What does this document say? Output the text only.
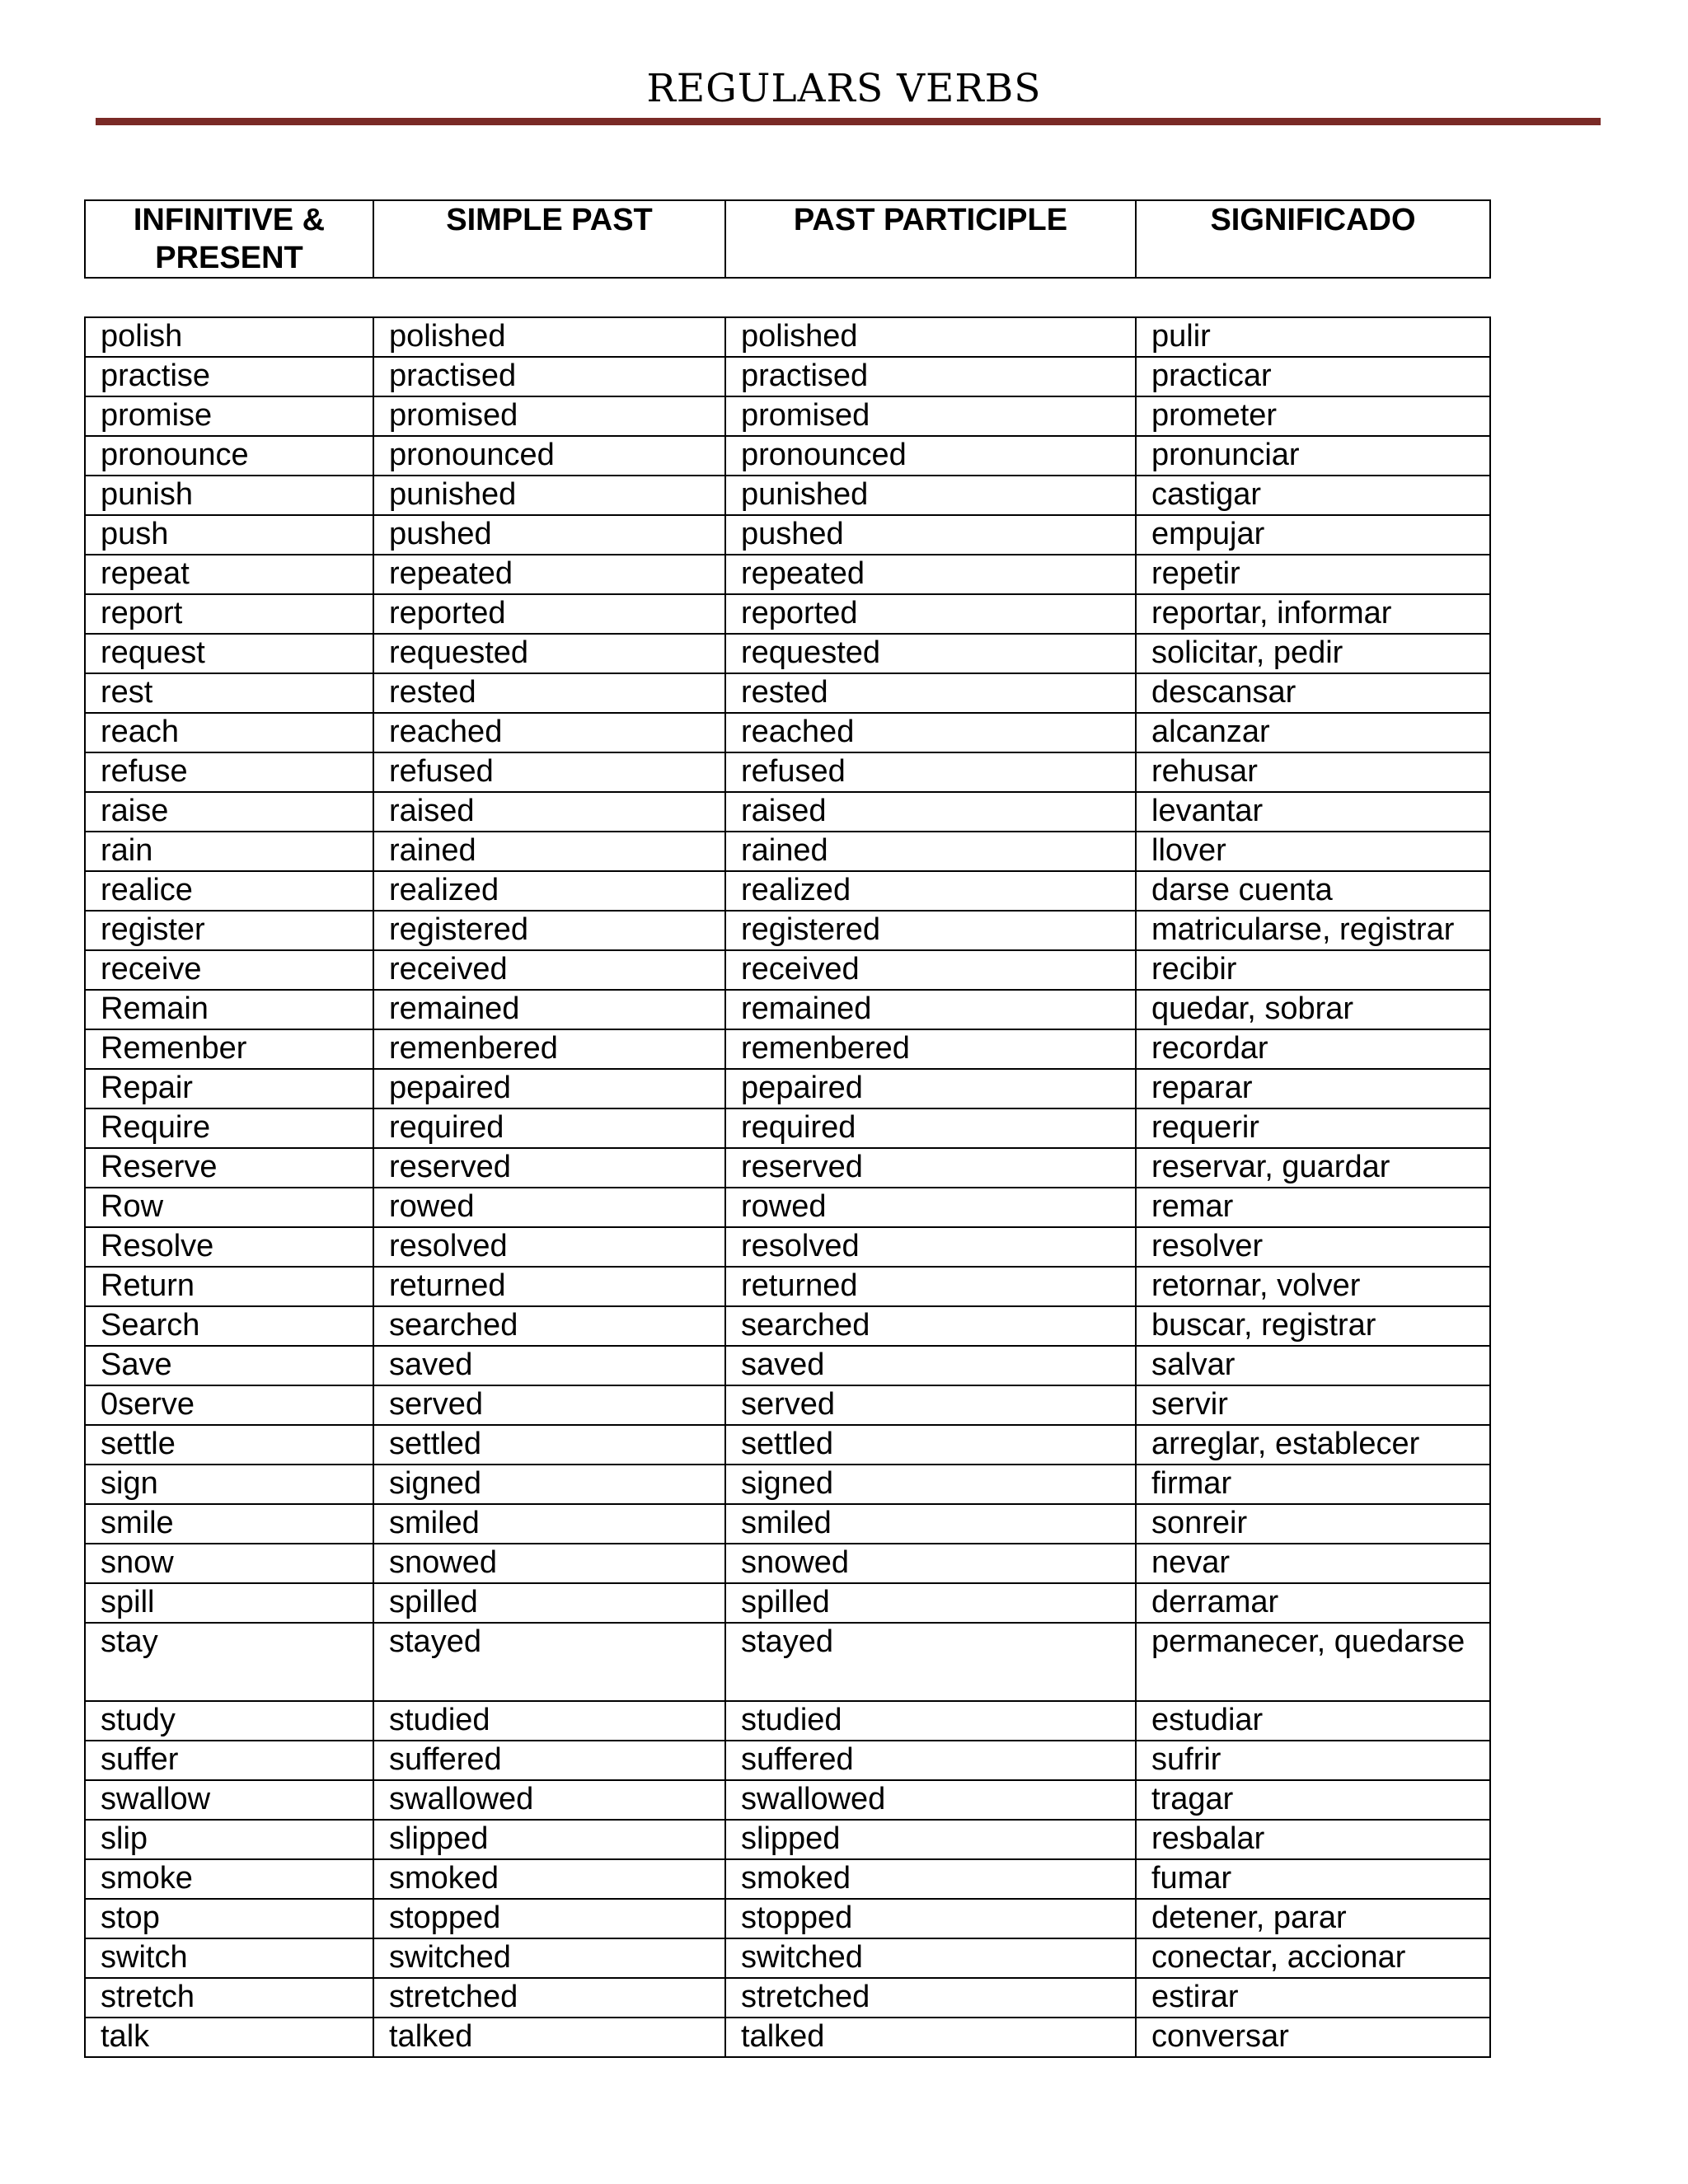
REGULARS VERBS
INFINITIVE & PRESENT	SIMPLE PAST	PAST PARTICIPLE	SIGNIFICADO
polish	polished	polished	pulir
practise	practised	practised	practicar
promise	promised	promised	prometer
pronounce	pronounced	pronounced	pronunciar
punish	punished	punished	castigar
push	pushed	pushed	empujar
repeat	repeated	repeated	repetir
report	reported	reported	reportar, informar
request	requested	requested	solicitar, pedir
rest	rested	rested	descansar
reach	reached	reached	alcanzar
refuse	refused	refused	rehusar
raise	raised	raised	levantar
rain	rained	rained	llover
realice	realized	realized	darse cuenta
register	registered	registered	matricularse, registrar
receive	received	received	recibir
Remain	remained	remained	quedar, sobrar
Remenber	remenbered	remenbered	recordar
Repair	pepaired	pepaired	reparar
Require	required	required	requerir
Reserve	reserved	reserved	reservar, guardar
Row	rowed	rowed	remar
Resolve	resolved	resolved	resolver
Return	returned	returned	retornar, volver
Search	searched	searched	buscar, registrar
Save	saved	saved	salvar
0serve	served	served	servir
settle	settled	settled	arreglar, establecer
sign	signed	signed	firmar
smile	smiled	smiled	sonreir
snow	snowed	snowed	nevar
spill	spilled	spilled	derramar
stay	stayed	stayed	permanecer, quedarse
study	studied	studied	estudiar
suffer	suffered	suffered	sufrir
swallow	swallowed	swallowed	tragar
slip	slipped	slipped	resbalar
smoke	smoked	smoked	fumar
stop	stopped	stopped	detener, parar
switch	switched	switched	conectar, accionar
stretch	stretched	stretched	estirar
talk	talked	talked	conversar
